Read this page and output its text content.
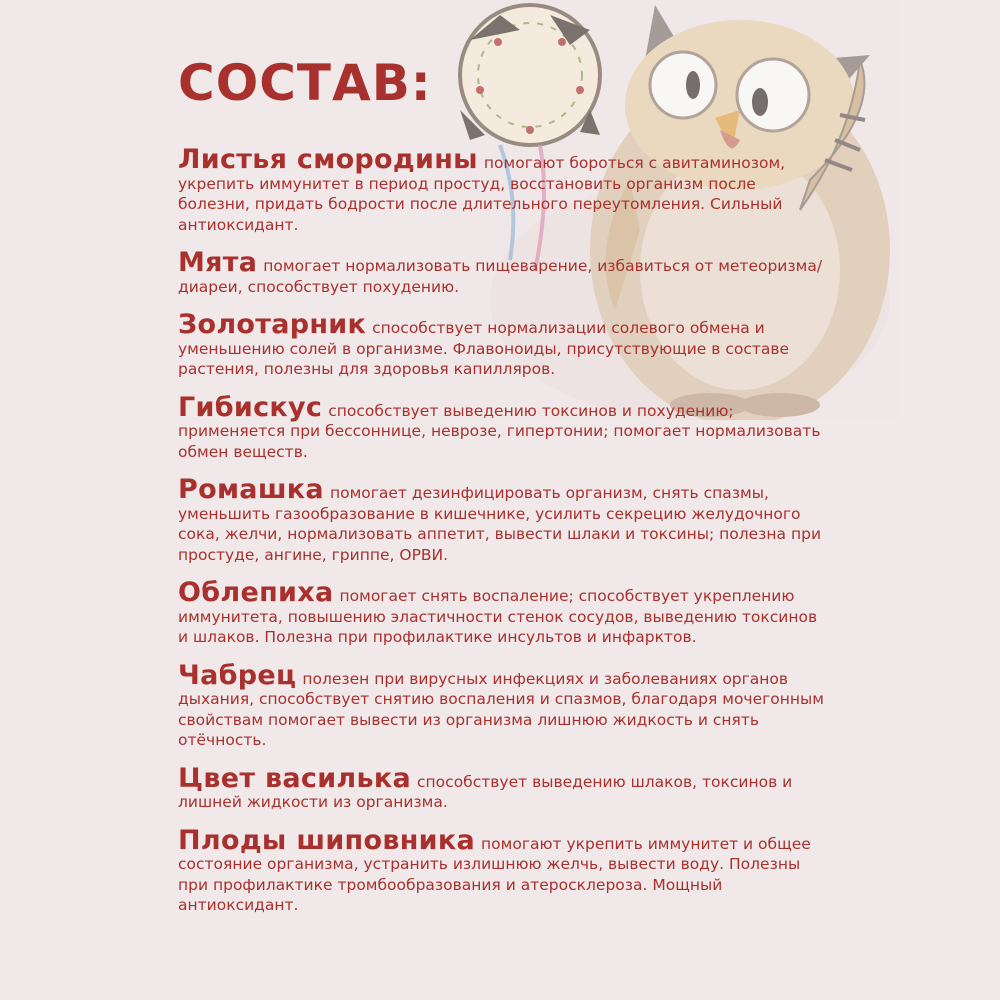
СОСТАВ:

Листья смородины помогают бороться с авитаминозом, укрепить иммунитет в период простуд, восстановить организм после болезни, придать бодрости после длительного переутомления. Сильный антиоксидант.

Мята помогает нормализовать пищеварение, избавиться от метеоризма/диареи, способствует похудению.

Золотарник способствует нормализации солевого обмена и уменьшению солей в организме. Флавоноиды, присутствующие в составе растения, полезны для здоровья капилляров.

Гибискус способствует выведению токсинов и похудению; применяется при бессоннице, неврозе, гипертонии; помогает нормализовать обмен веществ.

Ромашка помогает дезинфицировать организм, снять спазмы, уменьшить газообразование в кишечнике, усилить секрецию желудочного сока, желчи, нормализовать аппетит, вывести шлаки и токсины; полезна при простуде, ангине, гриппе, ОРВИ.

Облепиха помогает снять воспаление; способствует укреплению иммунитета, повышению эластичности стенок сосудов, выведению токсинов и шлаков. Полезна при профилактике инсультов и инфарктов.

Чабрец полезен при вирусных инфекциях и заболеваниях органов дыхания, способствует снятию воспаления и спазмов, благодаря мочегонным свойствам помогает вывести из организма лишнюю жидкость и снять отёчность.

Цвет василька способствует выведению шлаков, токсинов и лишней жидкости из организма.

Плоды шиповника помогают укрепить иммунитет и общее состояние организма, устранить излишнюю желчь, вывести воду. Полезны при профилактике тромбообразования и атеросклероза. Мощный антиоксидант.
